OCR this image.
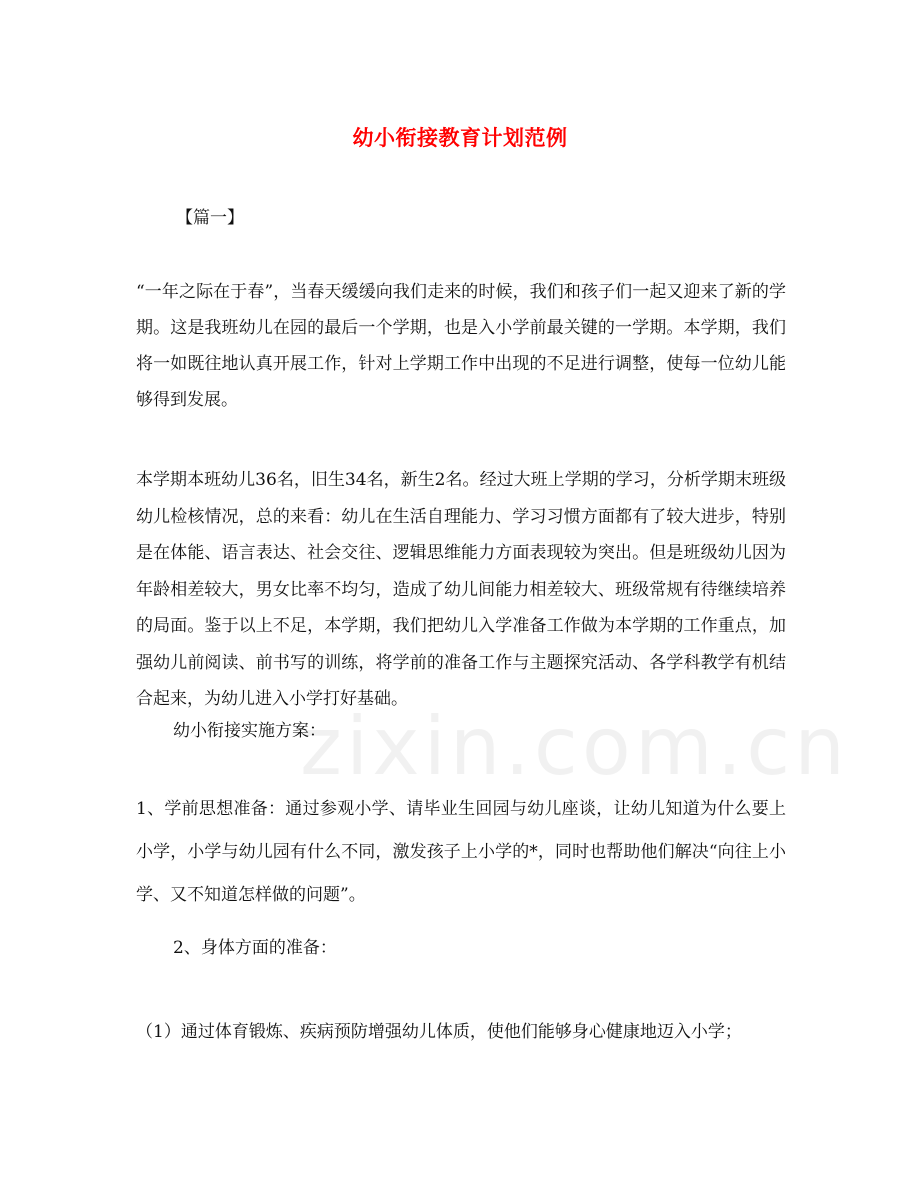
幼小衔接教育计划范例

【篇一】

“一年之际在于春”，当春天缓缓向我们走来的时候，我们和孩子们一起又迎来了新的学期。这是我班幼儿在园的最后一个学期，也是入小学前最关键的一学期。本学期，我们将一如既往地认真开展工作，针对上学期工作中出现的不足进行调整，使每一位幼儿能够得到发展。

本学期本班幼儿36名，旧生34名，新生2名。经过大班上学期的学习，分析学期末班级幼儿检核情况，总的来看：幼儿在生活自理能力、学习习惯方面都有了较大进步，特别是在体能、语言表达、社会交往、逻辑思维能力方面表现较为突出。但是班级幼儿因为年龄相差较大，男女比率不均匀，造成了幼儿间能力相差较大、班级常规有待继续培养的局面。鉴于以上不足，本学期，我们把幼儿入学准备工作做为本学期的工作重点，加强幼儿前阅读、前书写的训练，将学前的准备工作与主题探究活动、各学科教学有机结合起来，为幼儿进入小学打好基础。

幼小衔接实施方案：

1、学前思想准备：通过参观小学、请毕业生回园与幼儿座谈，让幼儿知道为什么要上小学，小学与幼儿园有什么不同，激发孩子上小学的*，同时也帮助他们解决“向往上小学、又不知道怎样做的问题”。

2、身体方面的准备：

（1）通过体育锻炼、疾病预防增强幼儿体质，使他们能够身心健康地迈入小学；

zixin.com.cn
